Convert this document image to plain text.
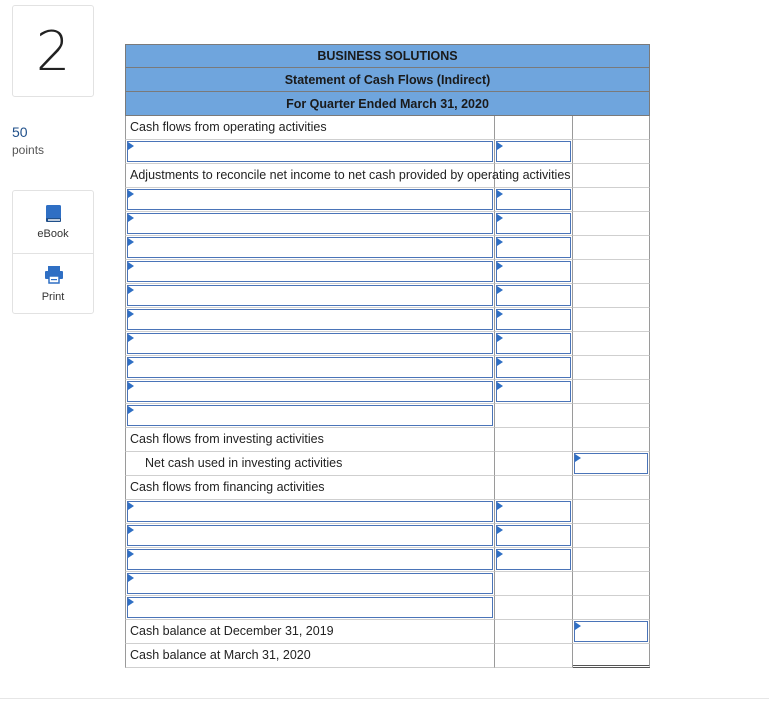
2
50
points
eBook
Print
BUSINESS SOLUTIONS
Statement of Cash Flows (Indirect)
For Quarter Ended March 31, 2020
Cash flows from operating activities
Adjustments to reconcile net income to net cash provided by operating activities
Cash flows from investing activities
Net cash used in investing activities
Cash flows from financing activities
Cash balance at December 31, 2019
Cash balance at March 31, 2020
